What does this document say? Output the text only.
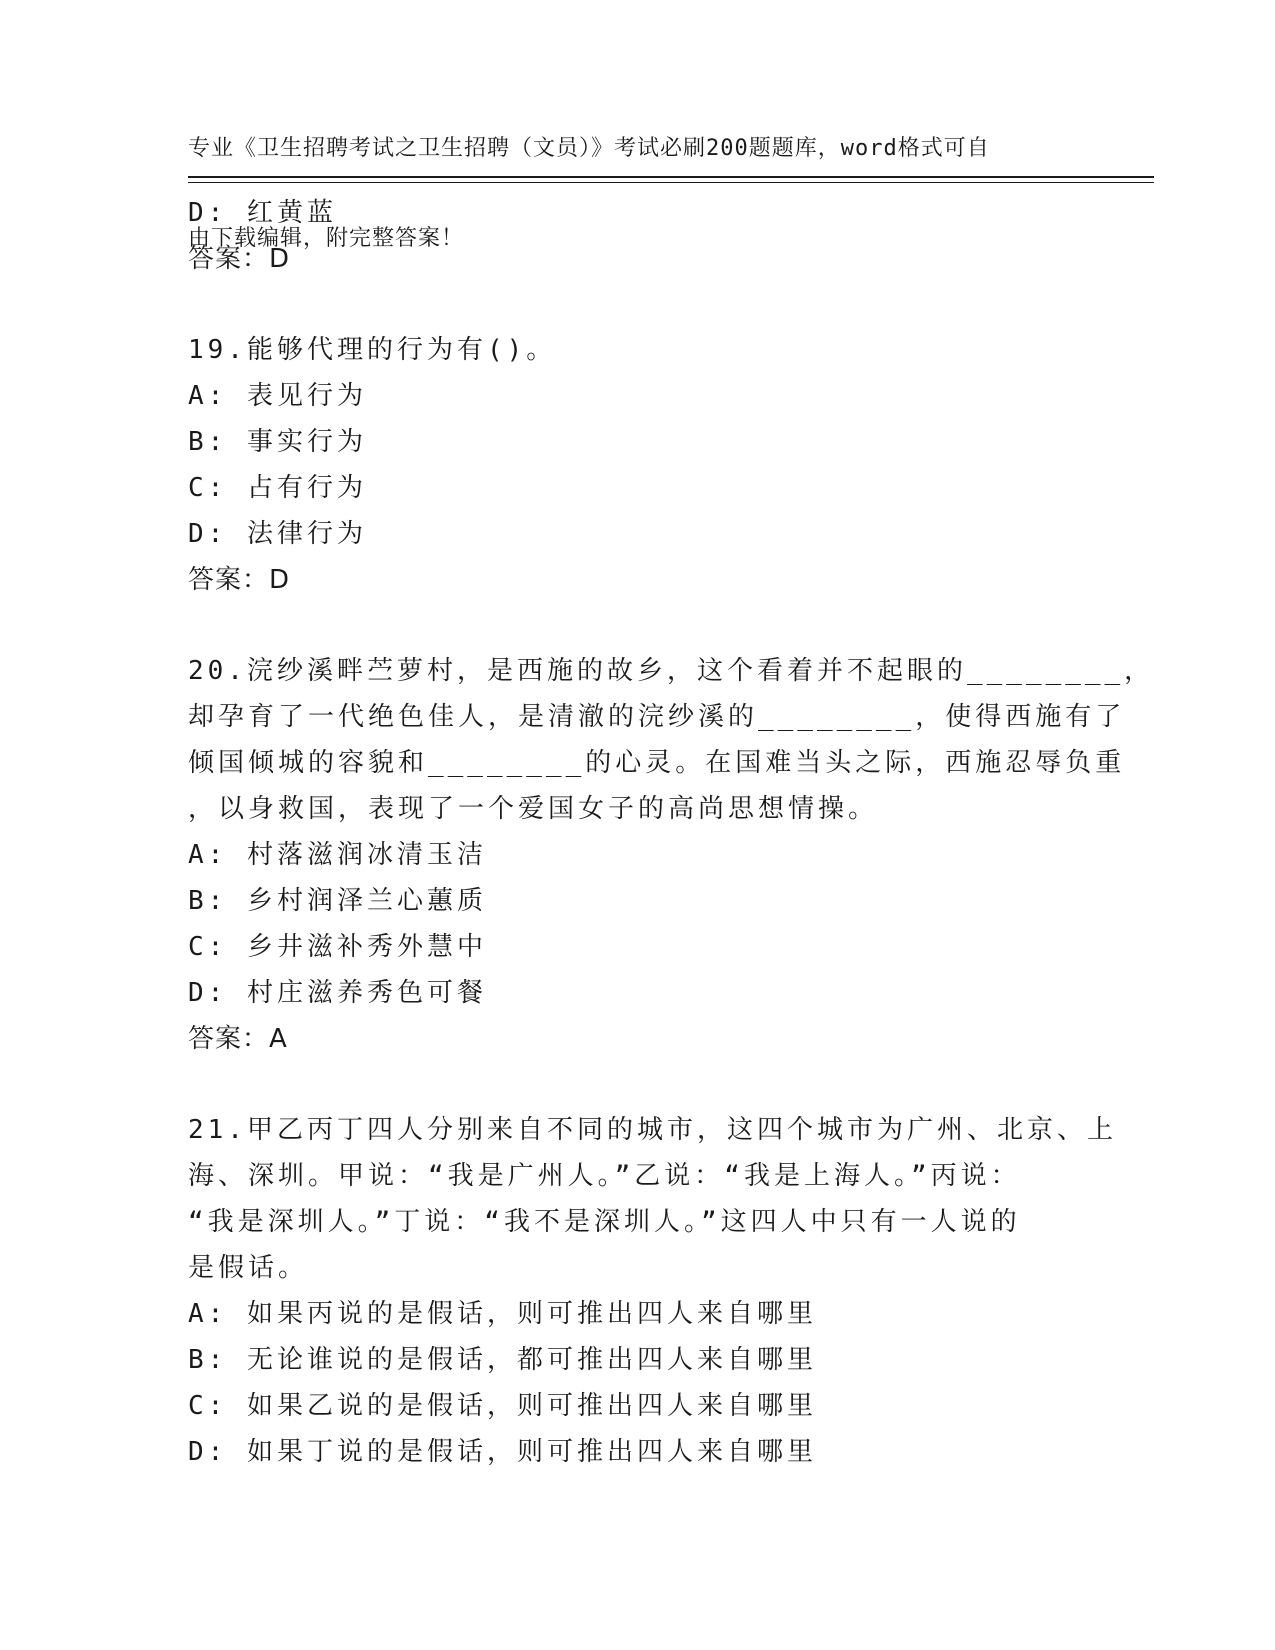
专业《卫生招聘考试之卫生招聘（文员）》考试必刷200题题库，word格式可自

由下载编辑，附完整答案！

D: 红黄蓝
答案：D
19.能够代理的行为有()。
A: 表见行为
B: 事实行为
C: 占有行为
D: 法律行为
答案：D
20.浣纱溪畔苎萝村，是西施的故乡，这个看着并不起眼的________，
却孕育了一代绝色佳人，是清澈的浣纱溪的________，使得西施有了
倾国倾城的容貌和________的心灵。在国难当头之际，西施忍辱负重
，以身救国，表现了一个爱国女子的高尚思想情操。
A: 村落滋润冰清玉洁
B: 乡村润泽兰心蕙质
C: 乡井滋补秀外慧中
D: 村庄滋养秀色可餐
答案：A
21.甲乙丙丁四人分别来自不同的城市，这四个城市为广州、北京、上
海、深圳。甲说：“我是广州人。”乙说：“我是上海人。”丙说：
“我是深圳人。”丁说：“我不是深圳人。”这四人中只有一人说的
是假话。
A: 如果丙说的是假话，则可推出四人来自哪里
B: 无论谁说的是假话，都可推出四人来自哪里
C: 如果乙说的是假话，则可推出四人来自哪里
D: 如果丁说的是假话，则可推出四人来自哪里
